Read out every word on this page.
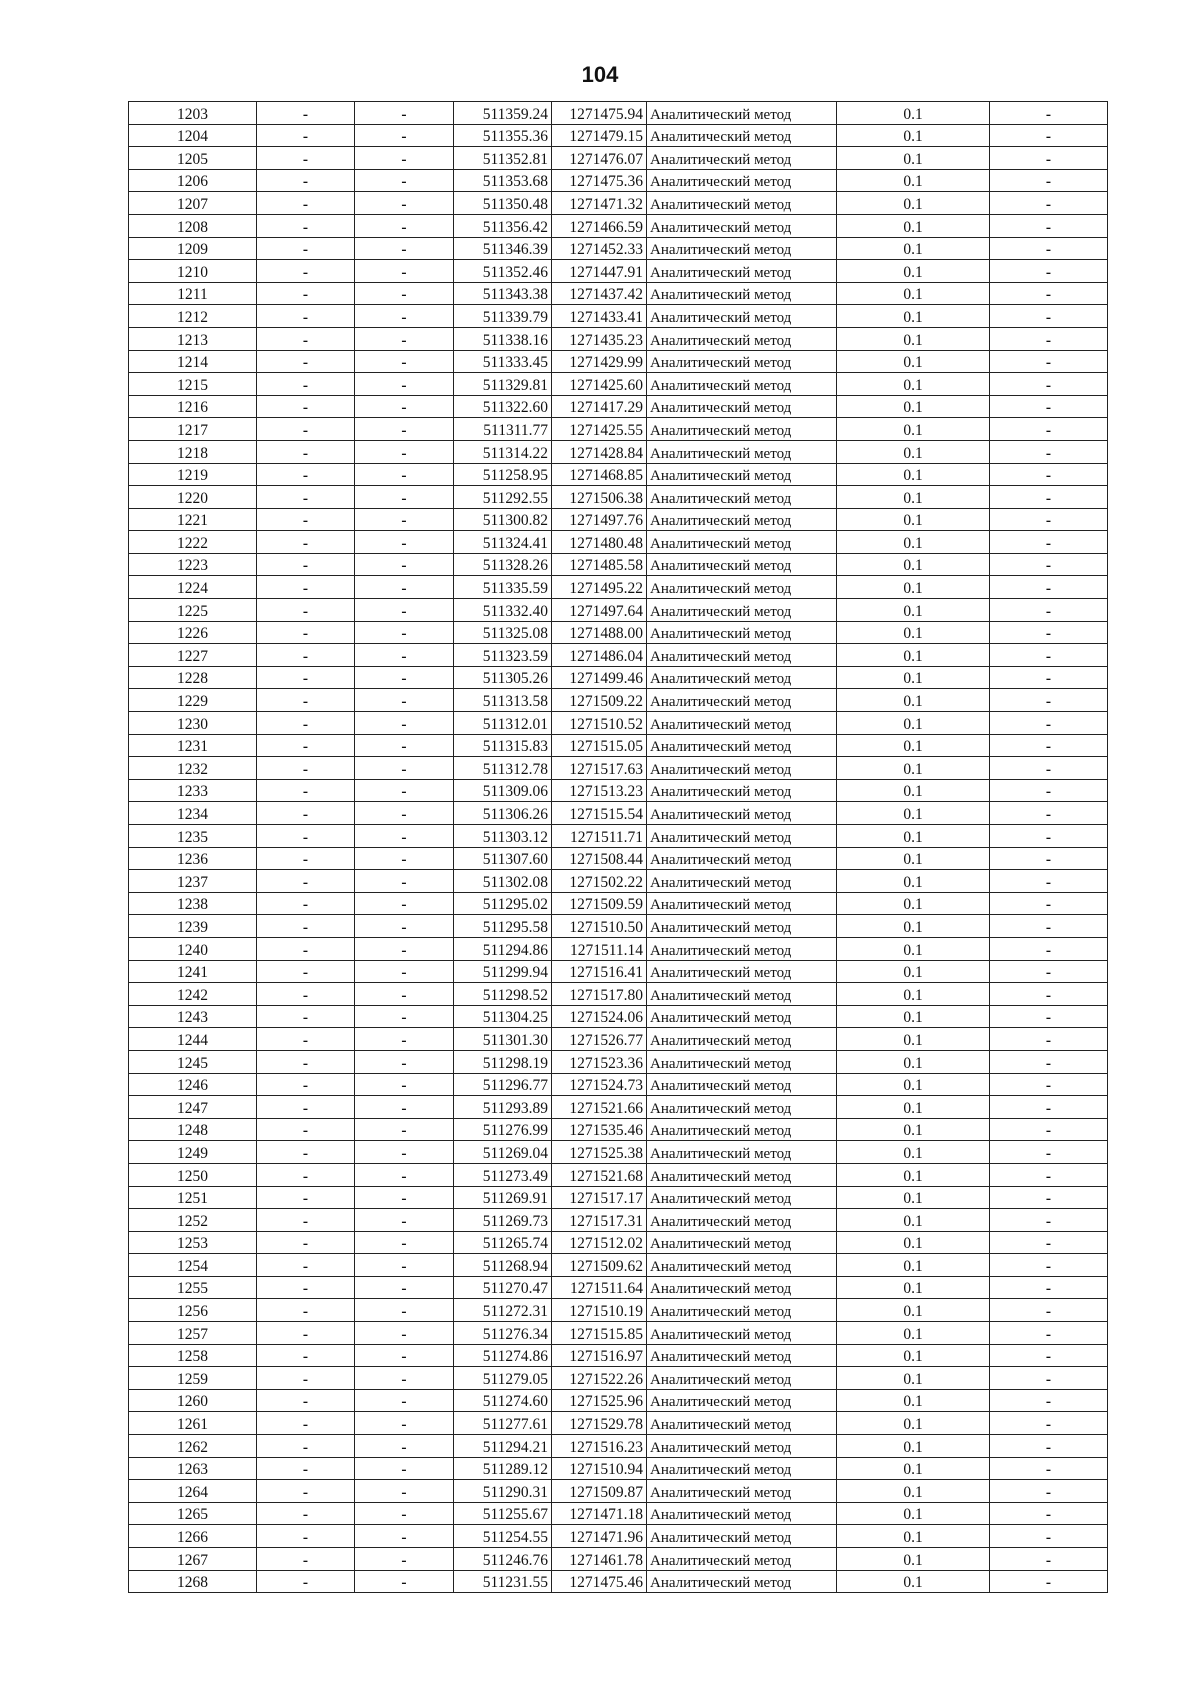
104
1203	-	-	511359.24	1271475.94	Аналитический метод	0.1	-
1204	-	-	511355.36	1271479.15	Аналитический метод	0.1	-
1205	-	-	511352.81	1271476.07	Аналитический метод	0.1	-
1206	-	-	511353.68	1271475.36	Аналитический метод	0.1	-
1207	-	-	511350.48	1271471.32	Аналитический метод	0.1	-
1208	-	-	511356.42	1271466.59	Аналитический метод	0.1	-
1209	-	-	511346.39	1271452.33	Аналитический метод	0.1	-
1210	-	-	511352.46	1271447.91	Аналитический метод	0.1	-
1211	-	-	511343.38	1271437.42	Аналитический метод	0.1	-
1212	-	-	511339.79	1271433.41	Аналитический метод	0.1	-
1213	-	-	511338.16	1271435.23	Аналитический метод	0.1	-
1214	-	-	511333.45	1271429.99	Аналитический метод	0.1	-
1215	-	-	511329.81	1271425.60	Аналитический метод	0.1	-
1216	-	-	511322.60	1271417.29	Аналитический метод	0.1	-
1217	-	-	511311.77	1271425.55	Аналитический метод	0.1	-
1218	-	-	511314.22	1271428.84	Аналитический метод	0.1	-
1219	-	-	511258.95	1271468.85	Аналитический метод	0.1	-
1220	-	-	511292.55	1271506.38	Аналитический метод	0.1	-
1221	-	-	511300.82	1271497.76	Аналитический метод	0.1	-
1222	-	-	511324.41	1271480.48	Аналитический метод	0.1	-
1223	-	-	511328.26	1271485.58	Аналитический метод	0.1	-
1224	-	-	511335.59	1271495.22	Аналитический метод	0.1	-
1225	-	-	511332.40	1271497.64	Аналитический метод	0.1	-
1226	-	-	511325.08	1271488.00	Аналитический метод	0.1	-
1227	-	-	511323.59	1271486.04	Аналитический метод	0.1	-
1228	-	-	511305.26	1271499.46	Аналитический метод	0.1	-
1229	-	-	511313.58	1271509.22	Аналитический метод	0.1	-
1230	-	-	511312.01	1271510.52	Аналитический метод	0.1	-
1231	-	-	511315.83	1271515.05	Аналитический метод	0.1	-
1232	-	-	511312.78	1271517.63	Аналитический метод	0.1	-
1233	-	-	511309.06	1271513.23	Аналитический метод	0.1	-
1234	-	-	511306.26	1271515.54	Аналитический метод	0.1	-
1235	-	-	511303.12	1271511.71	Аналитический метод	0.1	-
1236	-	-	511307.60	1271508.44	Аналитический метод	0.1	-
1237	-	-	511302.08	1271502.22	Аналитический метод	0.1	-
1238	-	-	511295.02	1271509.59	Аналитический метод	0.1	-
1239	-	-	511295.58	1271510.50	Аналитический метод	0.1	-
1240	-	-	511294.86	1271511.14	Аналитический метод	0.1	-
1241	-	-	511299.94	1271516.41	Аналитический метод	0.1	-
1242	-	-	511298.52	1271517.80	Аналитический метод	0.1	-
1243	-	-	511304.25	1271524.06	Аналитический метод	0.1	-
1244	-	-	511301.30	1271526.77	Аналитический метод	0.1	-
1245	-	-	511298.19	1271523.36	Аналитический метод	0.1	-
1246	-	-	511296.77	1271524.73	Аналитический метод	0.1	-
1247	-	-	511293.89	1271521.66	Аналитический метод	0.1	-
1248	-	-	511276.99	1271535.46	Аналитический метод	0.1	-
1249	-	-	511269.04	1271525.38	Аналитический метод	0.1	-
1250	-	-	511273.49	1271521.68	Аналитический метод	0.1	-
1251	-	-	511269.91	1271517.17	Аналитический метод	0.1	-
1252	-	-	511269.73	1271517.31	Аналитический метод	0.1	-
1253	-	-	511265.74	1271512.02	Аналитический метод	0.1	-
1254	-	-	511268.94	1271509.62	Аналитический метод	0.1	-
1255	-	-	511270.47	1271511.64	Аналитический метод	0.1	-
1256	-	-	511272.31	1271510.19	Аналитический метод	0.1	-
1257	-	-	511276.34	1271515.85	Аналитический метод	0.1	-
1258	-	-	511274.86	1271516.97	Аналитический метод	0.1	-
1259	-	-	511279.05	1271522.26	Аналитический метод	0.1	-
1260	-	-	511274.60	1271525.96	Аналитический метод	0.1	-
1261	-	-	511277.61	1271529.78	Аналитический метод	0.1	-
1262	-	-	511294.21	1271516.23	Аналитический метод	0.1	-
1263	-	-	511289.12	1271510.94	Аналитический метод	0.1	-
1264	-	-	511290.31	1271509.87	Аналитический метод	0.1	-
1265	-	-	511255.67	1271471.18	Аналитический метод	0.1	-
1266	-	-	511254.55	1271471.96	Аналитический метод	0.1	-
1267	-	-	511246.76	1271461.78	Аналитический метод	0.1	-
1268	-	-	511231.55	1271475.46	Аналитический метод	0.1	-
